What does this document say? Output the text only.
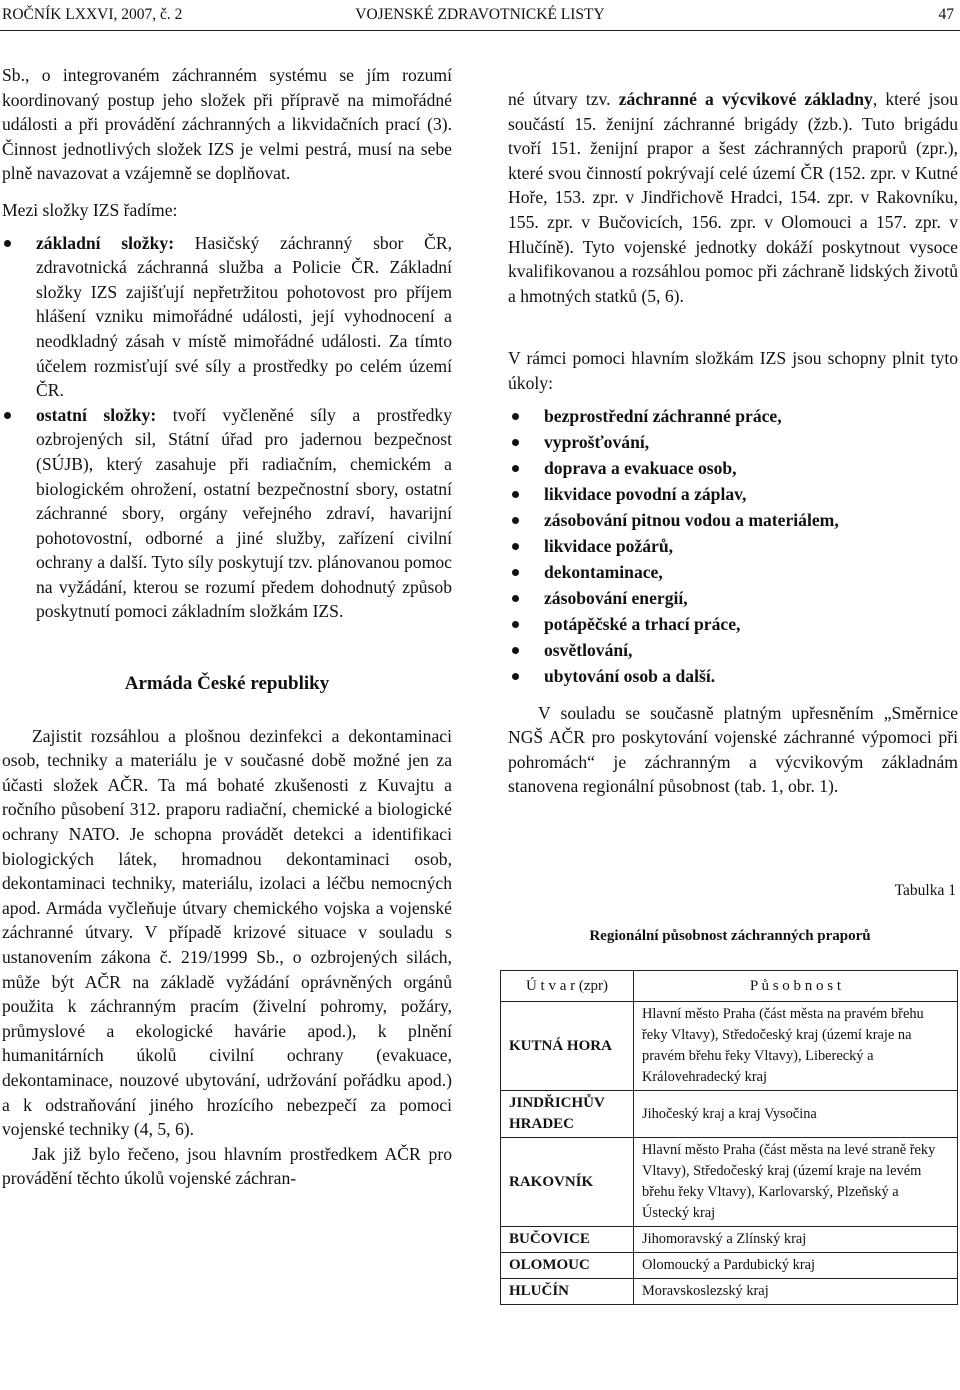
ROČNÍK LXXVI, 2007, č. 2	VOJENSKÉ ZDRAVOTNICKÉ LISTY	47

Sb., o integrovaném záchranném systému se jím rozumí koordinovaný postup jeho složek při přípravě na mimořádné události a při provádění záchranných a likvidačních prací (3). Činnost jednotlivých složek IZS je velmi pestrá, musí na sebe plně navazovat a vzájemně se doplňovat.

Mezi složky IZS řadíme:

základní složky: Hasičský záchranný sbor ČR, zdravotnická záchranná služba a Policie ČR. Základní složky IZS zajišťují nepřetržitou pohotovost pro příjem hlášení vzniku mimořádné události, její vyhodnocení a neodkladný zásah v místě mimořádné události. Za tímto účelem rozmisťují své síly a prostředky po celém území ČR.
ostatní složky: tvoří vyčleněné síly a prostředky ozbrojených sil, Státní úřad pro jadernou bezpečnost (SÚJB), který zasahuje při radiačním, chemickém a biologickém ohrožení, ostatní bezpečnostní sbory, ostatní záchranné sbory, orgány veřejného zdraví, havarijní pohotovostní, odborné a jiné služby, zařízení civilní ochrany a další. Tyto síly poskytují tzv. plánovanou pomoc na vyžádání, kterou se rozumí předem dohodnutý způsob poskytnutí pomoci základním složkám IZS.
Armáda České republiky

Zajistit rozsáhlou a plošnou dezinfekci a dekontaminaci osob, techniky a materiálu je v současné době možné jen za účasti složek AČR. Ta má bohaté zkušenosti z Kuvajtu a ročního působení 312. praporu radiační, chemické a biologické ochrany NATO. Je schopna provádět detekci a identifikaci biologických látek, hromadnou dekontaminaci osob, dekontaminaci techniky, materiálu, izolaci a léčbu nemocných apod. Armáda vyčleňuje útvary chemického vojska a vojenské záchranné útvary. V případě krizové situace v souladu s ustanovením zákona č. 219/1999 Sb., o ozbrojených silách, může být AČR na základě vyžádání oprávněných orgánů použita k záchranným pracím (živelní pohromy, požáry, průmyslové a ekologické havárie apod.), k plnění humanitárních úkolů civilní ochrany (evakuace, dekontaminace, nouzové ubytování, udržování pořádku apod.) a k odstraňování jiného hrozícího nebezpečí za pomoci vojenské techniky (4, 5, 6).

Jak již bylo řečeno, jsou hlavním prostředkem AČR pro provádění těchto úkolů vojenské záchran-

né útvary tzv. záchranné a výcvikové základny, které jsou součástí 15. ženijní záchranné brigády (žzb.). Tuto brigádu tvoří 151. ženijní prapor a šest záchranných praporů (zpr.), které svou činností pokrývají celé území ČR (152. zpr. v Kutné Hoře, 153. zpr. v Jindřichově Hradci, 154. zpr. v Rakovníku, 155. zpr. v Bučovicích, 156. zpr. v Olomouci a 157. zpr. v Hlučíně). Tyto vojenské jednotky dokáží poskytnout vysoce kvalifikovanou a rozsáhlou pomoc při záchraně lidských životů a hmotných statků (5, 6).

V rámci pomoci hlavním složkám IZS jsou schopny plnit tyto úkoly:

bezprostřední záchranné práce,
vyprošťování,
doprava a evakuace osob,
likvidace povodní a záplav,
zásobování pitnou vodou a materiálem,
likvidace požárů,
dekontaminace,
zásobování energií,
potápěčské a trhací práce,
osvětlování,
ubytování osob a další.

V souladu se současně platným upřesněním „Směrnice NGŠ AČR pro poskytování vojenské záchranné výpomoci při pohromách“ je záchranným a výcvikovým základnám stanovena regionální působnost (tab. 1, obr. 1).

Tabulka 1
Regionální působnost záchranných praporů
Ú t v a r (zpr)	P ů s o b n o s t
KUTNÁ HORA	Hlavní město Praha (část města na pravém břehu řeky Vltavy), Středočeský kraj (území kraje na pravém břehu řeky Vltavy), Liberecký a Královehradecký kraj
JINDŘICHŮV HRADEC	Jihočeský kraj a kraj Vysočina
RAKOVNÍK	Hlavní město Praha (část města na levé straně řeky Vltavy), Středočeský kraj (území kraje na levém břehu řeky Vltavy), Karlovarský, Plzeňský a Ústecký kraj
BUČOVICE	Jihomoravský a Zlínský kraj
OLOMOUC	Olomoucký a Pardubický kraj
HLUČÍN	Moravskoslezský kraj
